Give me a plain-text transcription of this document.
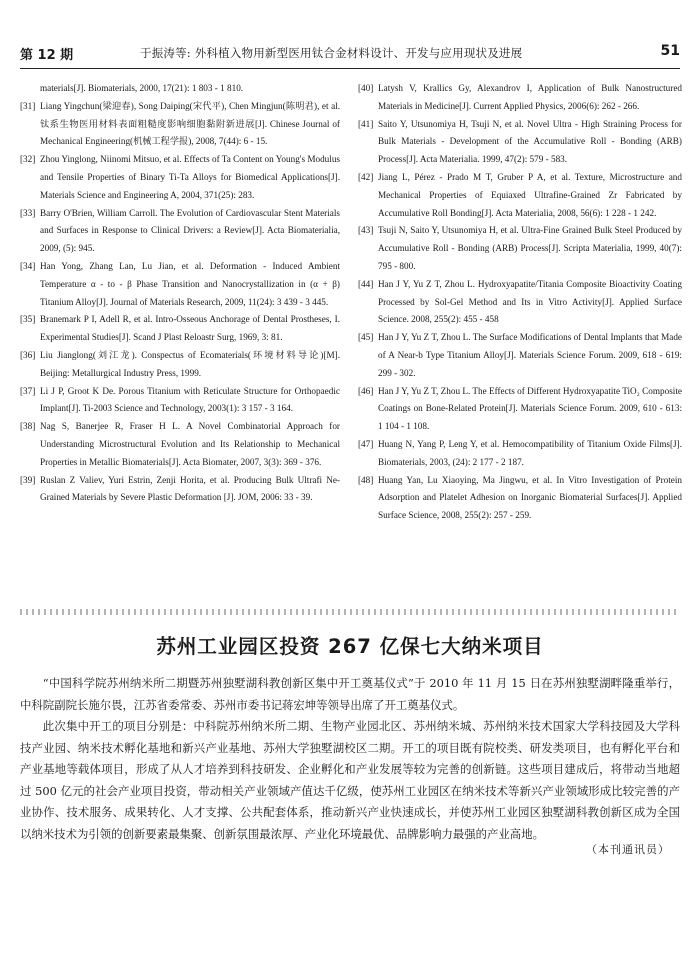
第 12 期	于振涛等: 外科植入物用新型医用钛合金材料设计、开发与应用现状及进展	51
materials[J]. Biomaterials, 2000, 17(21): 1 803 - 1 810.
[31] Liang Yingchun(梁迎春), Song Daiping(宋代平), Chen Mingjun(陈明君), et al. 钛系生物医用材料表面粗糙度影响细胞黏附新进展[J]. Chinese Journal of Mechanical Engineering(机械工程学报), 2008, 7(44): 6 - 15.
[32] Zhou Yinglong, Niinomi Mitsuo, et al. Effects of Ta Content on Young's Modulus and Tensile Properties of Binary Ti-Ta Alloys for Biomedical Applications[J]. Materials Science and Engineering A, 2004, 371(25): 283.
[33] Barry O'Brien, William Carroll. The Evolution of Cardiovascular Stent Materials and Surfaces in Response to Clinical Drivers: a Review[J]. Acta Biomaterialia, 2009, (5): 945.
[34] Han Yong, Zhang Lan, Lu Jian, et al. Deformation - Induced Ambient Temperature α - to - β Phase Transition and Nanocrystallization in (α + β) Titanium Alloy[J]. Journal of Materials Research, 2009, 11(24): 3 439 - 3 445.
[35] Branemark P I, Adell R, et al. Intro-Osseous Anchorage of Dental Prostheses, I. Experimental Studies[J]. Scand J Plast Reloastr Surg, 1969, 3: 81.
[36] Liu Jianglong(刘江龙). Conspectus of Ecomaterials(环境材料导论)[M]. Beijing: Metallurgical Industry Press, 1999.
[37] Li J P, Groot K De. Porous Titanium with Reticulate Structure for Orthopaedic Implant[J]. Ti-2003 Science and Technology, 2003(1): 3 157 - 3 164.
[38] Nag S, Banerjee R, Fraser H L. A Novel Combinatorial Approach for Understanding Microstructural Evolution and Its Relationship to Mechanical Properties in Metallic Biomaterials[J]. Acta Biomater, 2007, 3(3): 369 - 376.
[39] Ruslan Z Valiev, Yuri Estrin, Zenji Horita, et al. Producing Bulk Ultrafi Ne-Grained Materials by Severe Plastic Deformation [J]. JOM, 2006: 33 - 39.
[40] Latysh V, Krallics Gy, Alexandrov I, Application of Bulk Nanostructured Materials in Medicine[J]. Current Applied Physics, 2006(6): 262 - 266.
[41] Saito Y, Utsunomiya H, Tsuji N, et al. Novel Ultra - High Straining Process for Bulk Materials - Development of the Accumulative Roll - Bonding (ARB) Process[J]. Acta Materialia. 1999, 47(2): 579 - 583.
[42] Jiang L, Pérez - Prado M T, Gruber P A, et al. Texture, Microstructure and Mechanical Properties of Equiaxed Ultrafine-Grained Zr Fabricated by Accumulative Roll Bonding[J]. Acta Materialia, 2008, 56(6): 1 228 - 1 242.
[43] Tsuji N, Saito Y, Utsunomiya H, et al. Ultra-Fine Grained Bulk Steel Produced by Accumulative Roll - Bonding (ARB) Process[J]. Scripta Materialia, 1999, 40(7): 795 - 800.
[44] Han J Y, Yu Z T, Zhou L. Hydroxyapatite/Titania Composite Bioactivity Coating Processed by Sol-Gel Method and Its in Vitro Activity[J]. Applied Surface Science. 2008, 255(2): 455 - 458
[45] Han J Y, Yu Z T, Zhou L. The Surface Modifications of Dental Implants that Made of A Near-b Type Titanium Alloy[J]. Materials Science Forum. 2009, 618 - 619: 299 - 302.
[46] Han J Y, Yu Z T, Zhou L. The Effects of Different Hydroxyapatite TiO₂ Composite Coatings on Bone-Related Protein[J]. Materials Science Forum. 2009, 610 - 613: 1 104 - 1 108.
[47] Huang N, Yang P, Leng Y, et al. Hemocompatibility of Titanium Oxide Films[J]. Biomaterials, 2003, (24): 2 177 - 2 187.
[48] Huang Yan, Lu Xiaoying, Ma Jingwu, et al. In Vitro Investigation of Protein Adsorption and Platelet Adhesion on Inorganic Biomaterial Surfaces[J]. Applied Surface Science, 2008, 255(2): 257 - 259.
苏州工业园区投资 267 亿保七大纳米项目

“中国科学院苏州纳米所二期暨苏州独墅湖科教创新区集中开工奠基仪式”于 2010 年 11 月 15 日在苏州独墅湖畔隆重举行，中科院副院长施尔畏，江苏省委常委、苏州市委书记蒋宏坤等领导出席了开工奠基仪式。

此次集中开工的项目分别是：中科院苏州纳米所二期、生物产业园北区、苏州纳米城、苏州纳米技术国家大学科技园及大学科技产业园、纳米技术孵化基地和新兴产业基地、苏州大学独墅湖校区二期。开工的项目既有院校类、研发类项目，也有孵化平台和产业基地等载体项目，形成了从人才培养到科技研发、企业孵化和产业发展等较为完善的创新链。这些项目建成后，将带动当地超过 500 亿元的社会产业项目投资，带动相关产业领域产值达千亿级，使苏州工业园区在纳米技术等新兴产业领域形成比较完善的产业协作、技术服务、成果转化、人才支撑、公共配套体系，推动新兴产业快速成长，并使苏州工业园区独墅湖科教创新区成为全国以纳米技术为引领的创新要素最集聚、创新氛围最浓厚、产业化环境最优、品牌影响力最强的产业高地。

（本刊通讯员）
